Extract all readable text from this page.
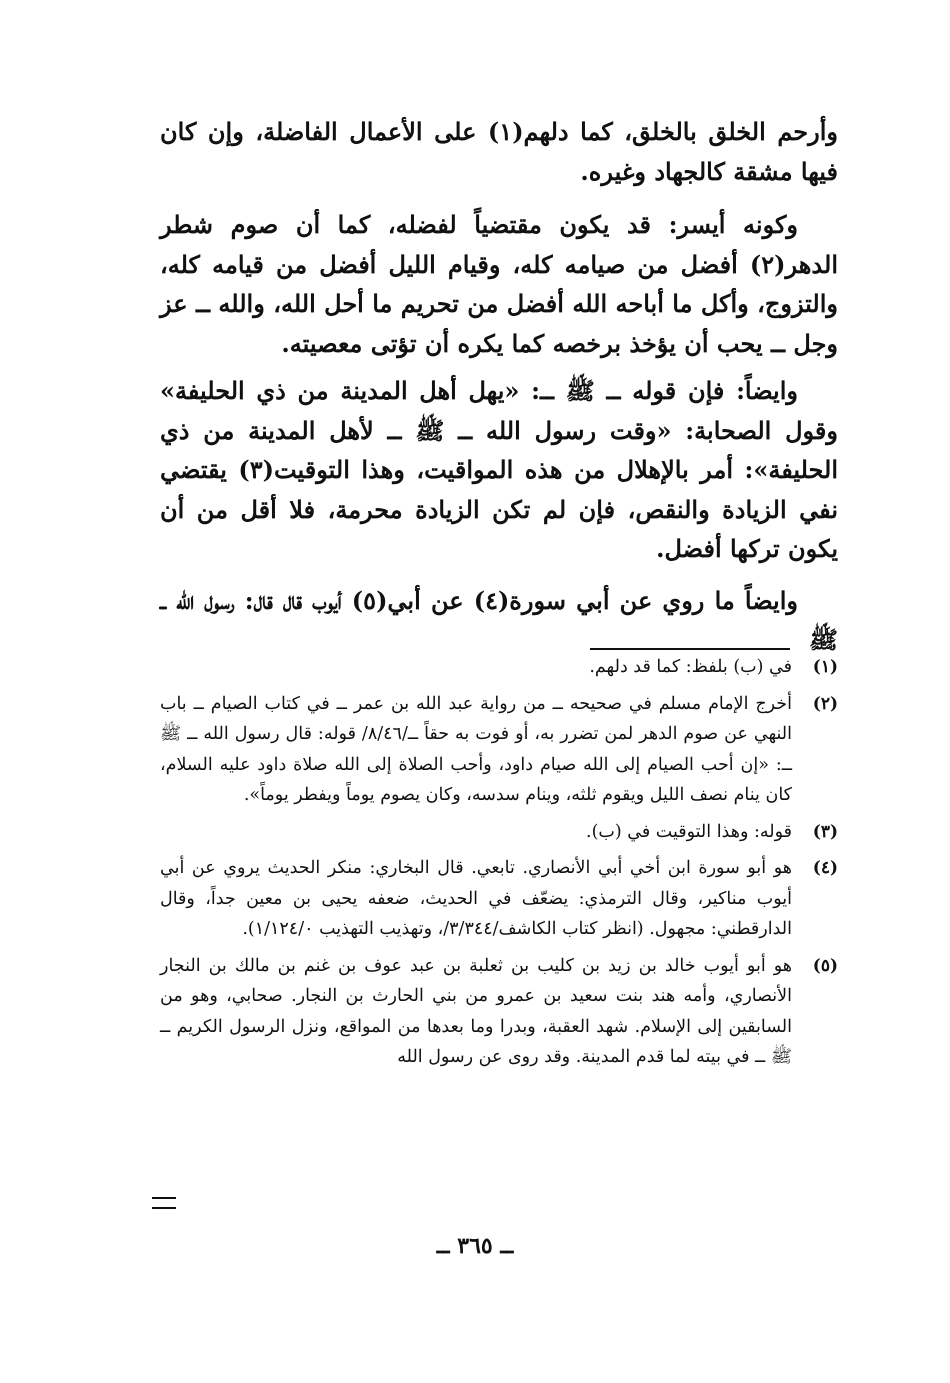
وأرحم الخلق بالخلق، كما دلهم(١) على الأعمال الفاضلة، وإن كان فيها مشقة كالجهاد وغيره.

وكونه أيسر: قد يكون مقتضياً لفضله، كما أن صوم شطر الدهر(٢) أفضل من صيامه كله، وقيام الليل أفضل من قيامه كله، والتزوج، وأكل ما أباحه الله أفضل من تحريم ما أحل الله، والله ــ عز وجل ــ يحب أن يؤخذ برخصه كما يكره أن تؤتى معصيته.

وايضاً: فإن قوله ــ ﷺ ــ: «يهل أهل المدينة من ذي الحليفة» وقول الصحابة: «وقت رسول الله ــ ﷺ ــ لأهل المدينة من ذي الحليفة»: أمر بالإهلال من هذه المواقيت، وهذا التوقيت(٣) يقتضي نفي الزيادة والنقص، فإن لم تكن الزيادة محرمة، فلا أقل من أن يكون تركها أفضل.

وايضاً ما روي عن أبي سورة(٤) عن أبي(٥) أيوب قال قال: رسول الله ــ ﷺ

(١)
في (ب) بلفظ: كما قد دلهم.
(٢)
أخرج الإمام مسلم في صحيحه ــ من رواية عبد الله بن عمر ــ في كتاب الصيام ــ باب النهي عن صوم الدهر لمن تضرر به، أو فوت به حقاً ــ/٨/٤٦/ قوله: قال رسول الله ــ ﷺ ــ: «إن أحب الصيام إلى الله صيام داود، وأحب الصلاة إلى الله صلاة داود عليه السلام، كان ينام نصف الليل ويقوم ثلثه، وينام سدسه، وكان يصوم يوماً ويفطر يوماً».
(٣)
قوله: وهذا التوقيت في (ب).
(٤)
هو أبو سورة ابن أخي أبي الأنصاري. تابعي. قال البخاري: منكر الحديث يروي عن أبي أيوب مناكير، وقال الترمذي: يضعّف في الحديث، ضعفه يحيى بن معين جداً، وقال الدارقطني: مجهول. (انظر كتاب الكاشف/٣/٣٤٤/، وتهذيب التهذيب ١/١٢٤/٠).
(٥)
هو أبو أيوب خالد بن زيد بن كليب بن ثعلبة بن عبد عوف بن غنم بن مالك بن النجار الأنصاري، وأمه هند بنت سعيد بن عمرو من بني الحارث بن النجار. صحابي، وهو من السابقين إلى الإسلام. شهد العقبة، وبدرا وما بعدها من المواقع، ونزل الرسول الكريم ــ ﷺ ــ في بيته لما قدم المدينة. وقد روى عن رسول الله
ــ ٣٦٥ ــ
